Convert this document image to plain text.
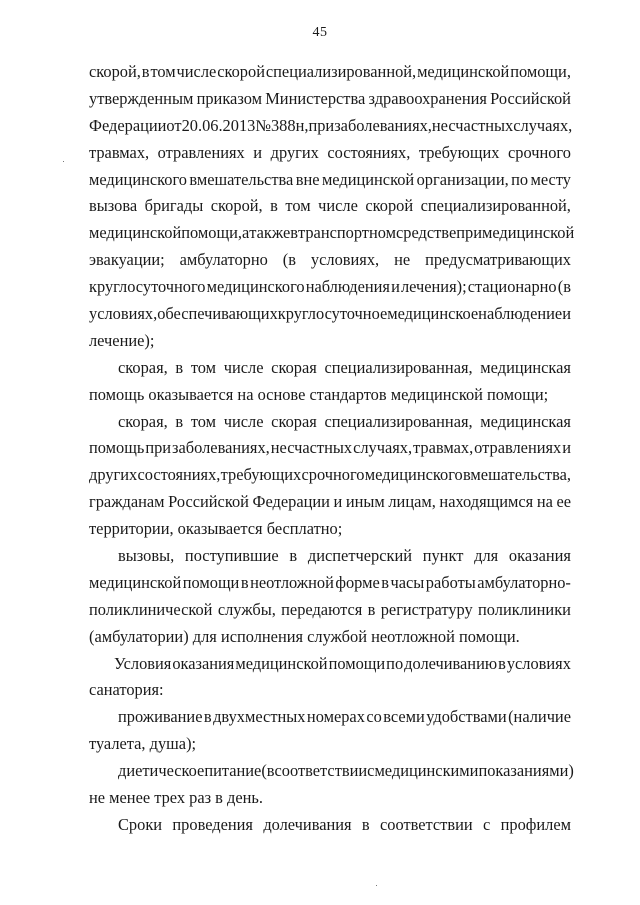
45
скорой, в том числе скорой специализированной, медицинской помощи,
утвержденным приказом Министерства здравоохранения Российской
Федерации от 20.06.2013 № 388н, при заболеваниях, несчастных случаях,
травмах, отравлениях и других состояниях, требующих срочного
медицинского вмешательства вне медицинской организации, по месту
вызова бригады скорой, в том числе скорой специализированной,
медицинской помощи, а также в транспортном средстве при медицинской
эвакуации; амбулаторно (в условиях, не предусматривающих
круглосуточного медицинского наблюдения и лечения); стационарно (в
условиях, обеспечивающих круглосуточное медицинское наблюдение и
лечение);
скорая, в том числе скорая специализированная, медицинская
помощь оказывается на основе стандартов медицинской помощи;
скорая, в том числе скорая специализированная, медицинская
помощь при заболеваниях, несчастных случаях, травмах, отравлениях и
других состояниях, требующих срочного медицинского вмешательства,
гражданам Российской Федерации и иным лицам, находящимся на ее
территории, оказывается бесплатно;
вызовы, поступившие в диспетчерский пункт для оказания
медицинской помощи в неотложной форме в часы работы амбулаторно-
поликлинической службы, передаются в регистратуру поликлиники
(амбулатории) для исполнения службой неотложной помощи.
Условия оказания медицинской помощи по долечиванию в условиях
санатория:
проживание в двухместных номерах со всеми удобствами (наличие
туалета, душа);
диетическое питание (в соответствии с медицинскими показаниями)
не менее трех раз в день.
Сроки проведения долечивания в соответствии с профилем
